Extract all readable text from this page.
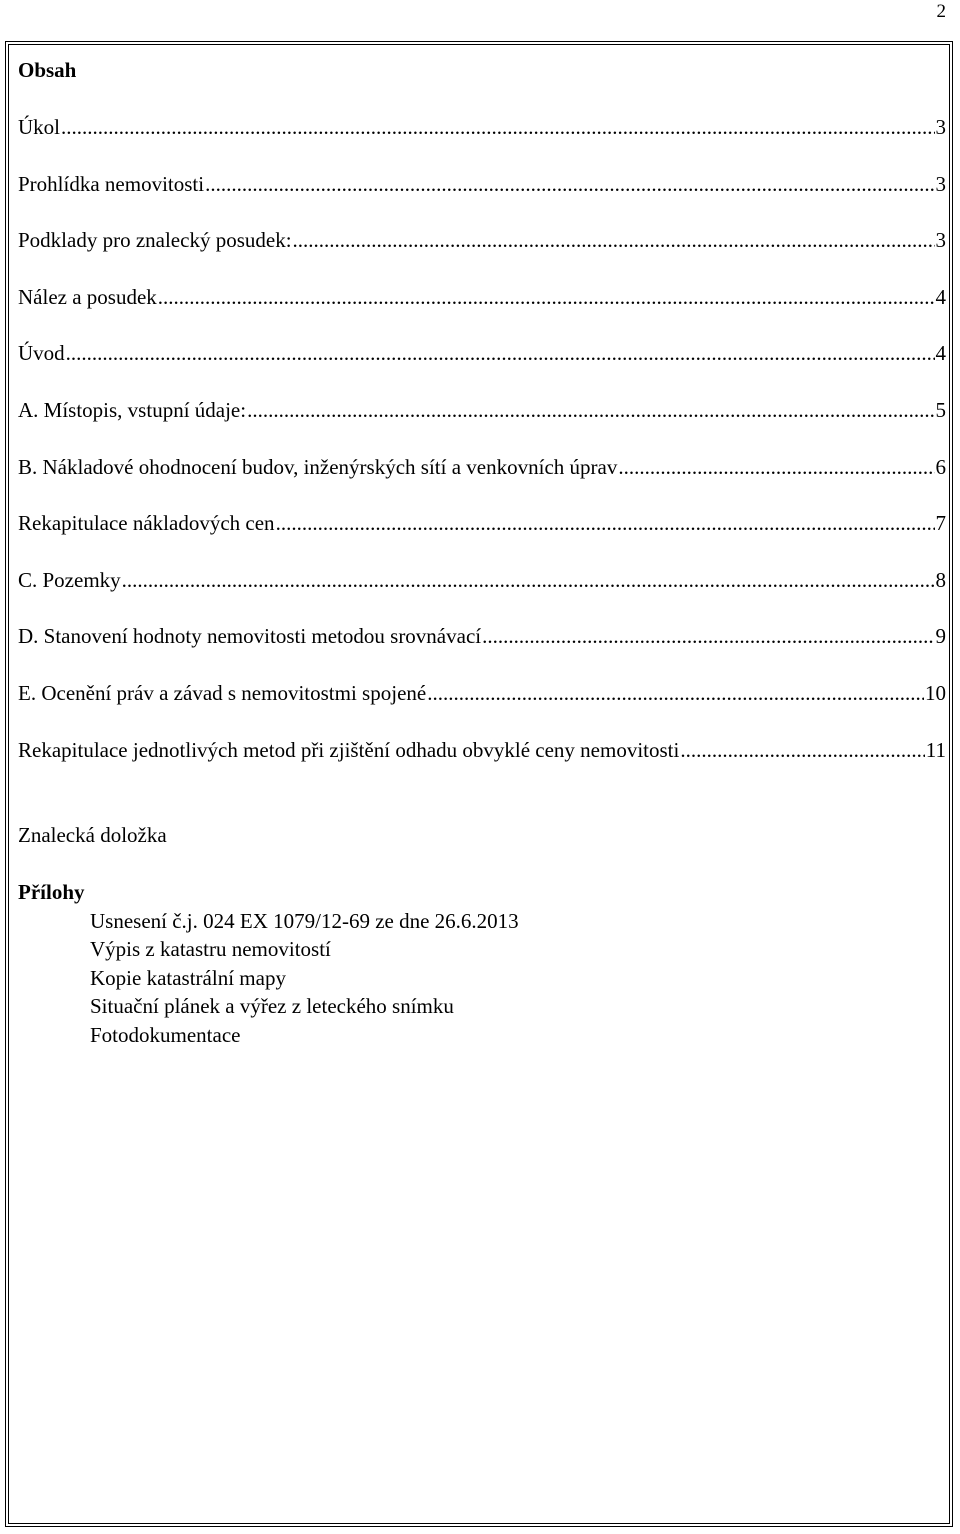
2
Obsah
Úkol .....	3
Prohlídka nemovitosti .....	3
Podklady pro znalecký posudek: .....	3
Nález a posudek .....	4
Úvod .....	4
A. Místopis, vstupní údaje: .....	5
B. Nákladové ohodnocení budov, inženýrských sítí a venkovních úprav .....	6
Rekapitulace nákladových cen .....	7
C. Pozemky .....	8
D. Stanovení hodnoty nemovitosti metodou srovnávací .....	9
E. Ocenění práv a závad s nemovitostmi spojené .....	10
Rekapitulace jednotlivých metod při zjištění odhadu obvyklé ceny nemovitosti .....	11
Znalecká doložka
Přílohy
Usnesení č.j. 024 EX 1079/12-69 ze dne 26.6.2013
Výpis z katastru nemovitostí
Kopie katastrální mapy
Situační plánek a výřez z leteckého snímku
Fotodokumentace
